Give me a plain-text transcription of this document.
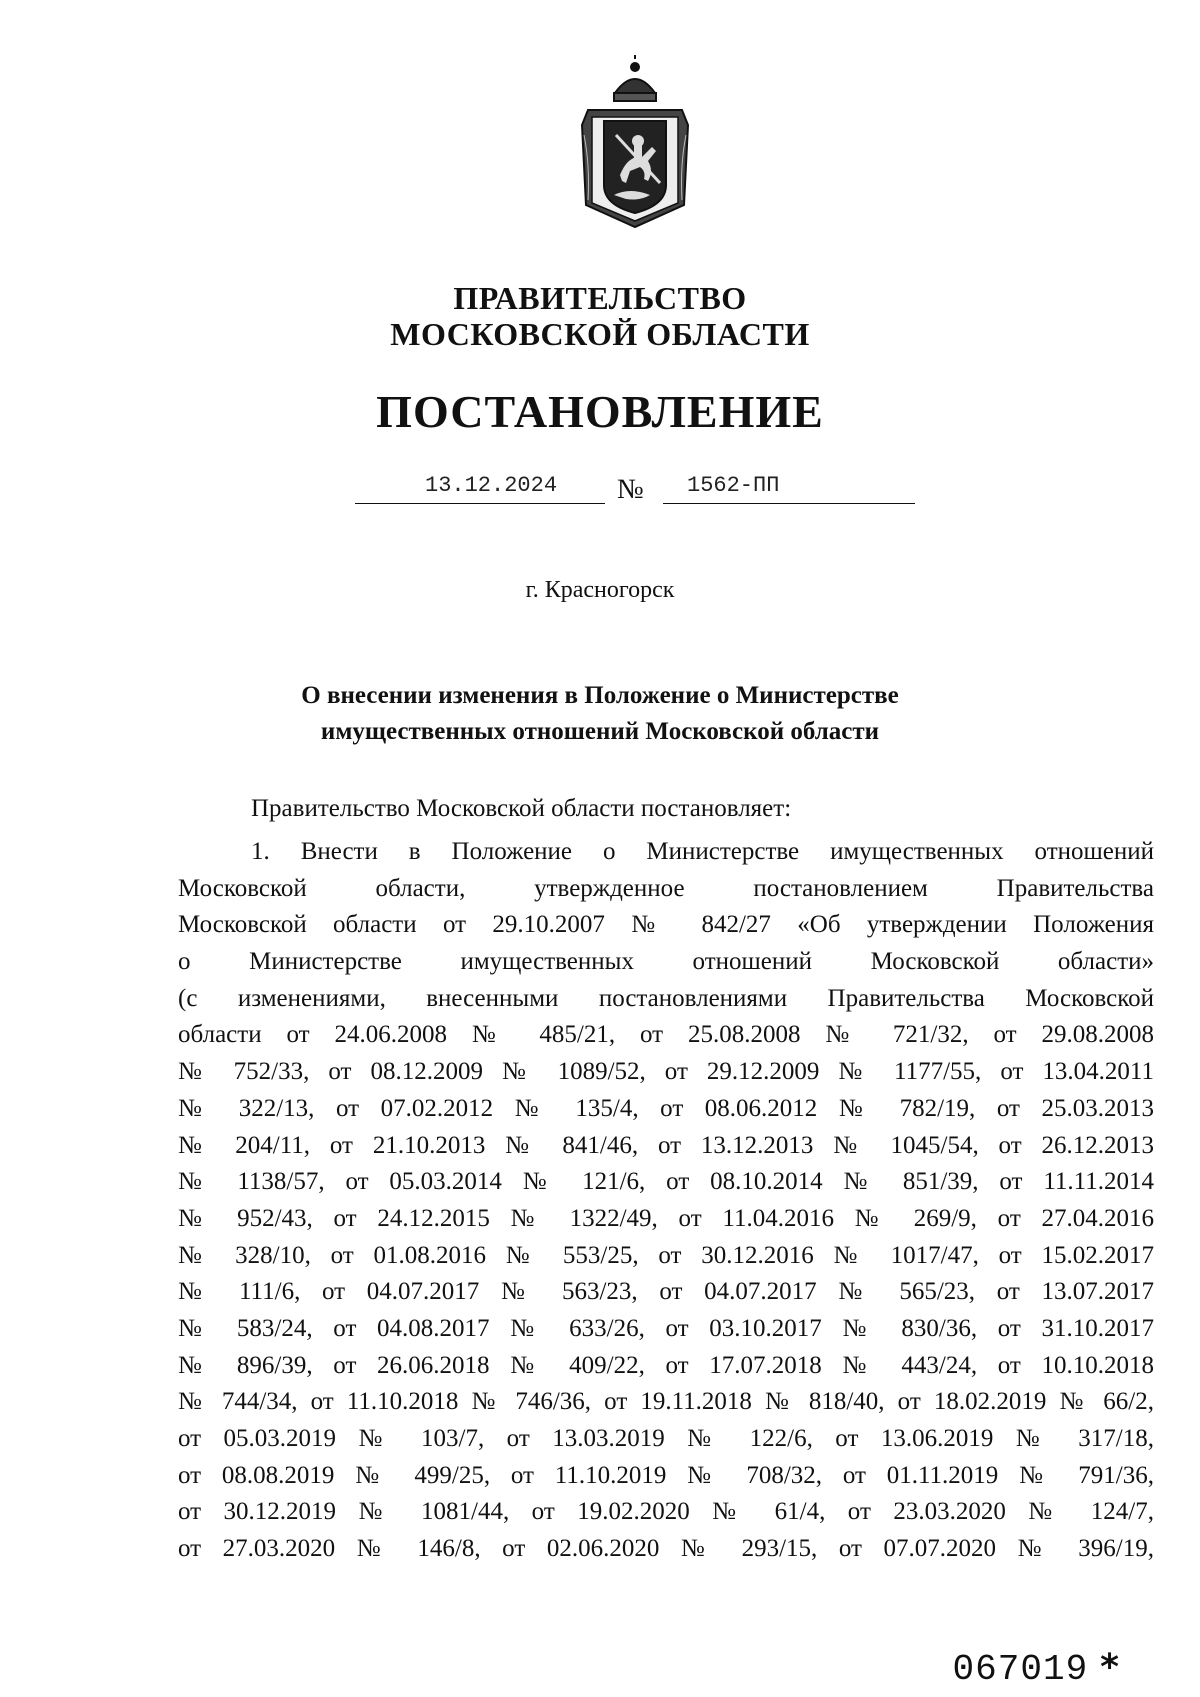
ПРАВИТЕЛЬСТВО
МОСКОВСКОЙ ОБЛАСТИ
ПОСТАНОВЛЕНИЕ
13.12.2024 № 1562-ПП
г. Красногорск
О внесении изменения в Положение о Министерстве
имущественных отношений Московской области
Правительство Московской области постановляет:
1. Внести в Положение о Министерстве имущественных отношений
Московской области, утвержденное постановлением Правительства
Московской области от 29.10.2007 № 842/27 «Об утверждении Положения
о Министерстве имущественных отношений Московской области»
(с изменениями, внесенными постановлениями Правительства Московской
области от 24.06.2008 № 485/21, от 25.08.2008 № 721/32, от 29.08.2008
№ 752/33, от 08.12.2009 № 1089/52, от 29.12.2009 № 1177/55, от 13.04.2011
№ 322/13, от 07.02.2012 № 135/4, от 08.06.2012 № 782/19, от 25.03.2013
№ 204/11, от 21.10.2013 № 841/46, от 13.12.2013 № 1045/54, от 26.12.2013
№ 1138/57, от 05.03.2014 № 121/6, от 08.10.2014 № 851/39, от 11.11.2014
№ 952/43, от 24.12.2015 № 1322/49, от 11.04.2016 № 269/9, от 27.04.2016
№ 328/10, от 01.08.2016 № 553/25, от 30.12.2016 № 1017/47, от 15.02.2017
№ 111/6, от 04.07.2017 № 563/23, от 04.07.2017 № 565/23, от 13.07.2017
№ 583/24, от 04.08.2017 № 633/26, от 03.10.2017 № 830/36, от 31.10.2017
№ 896/39, от 26.06.2018 № 409/22, от 17.07.2018 № 443/24, от 10.10.2018
№ 744/34, от 11.10.2018 № 746/36, от 19.11.2018 № 818/40, от 18.02.2019 № 66/2,
от 05.03.2019 № 103/7, от 13.03.2019 № 122/6, от 13.06.2019 № 317/18,
от 08.08.2019 № 499/25, от 11.10.2019 № 708/32, от 01.11.2019 № 791/36,
от 30.12.2019 № 1081/44, от 19.02.2020 № 61/4, от 23.03.2020 № 124/7,
от 27.03.2020 № 146/8, от 02.06.2020 № 293/15, от 07.07.2020 № 396/19,
067019 *
